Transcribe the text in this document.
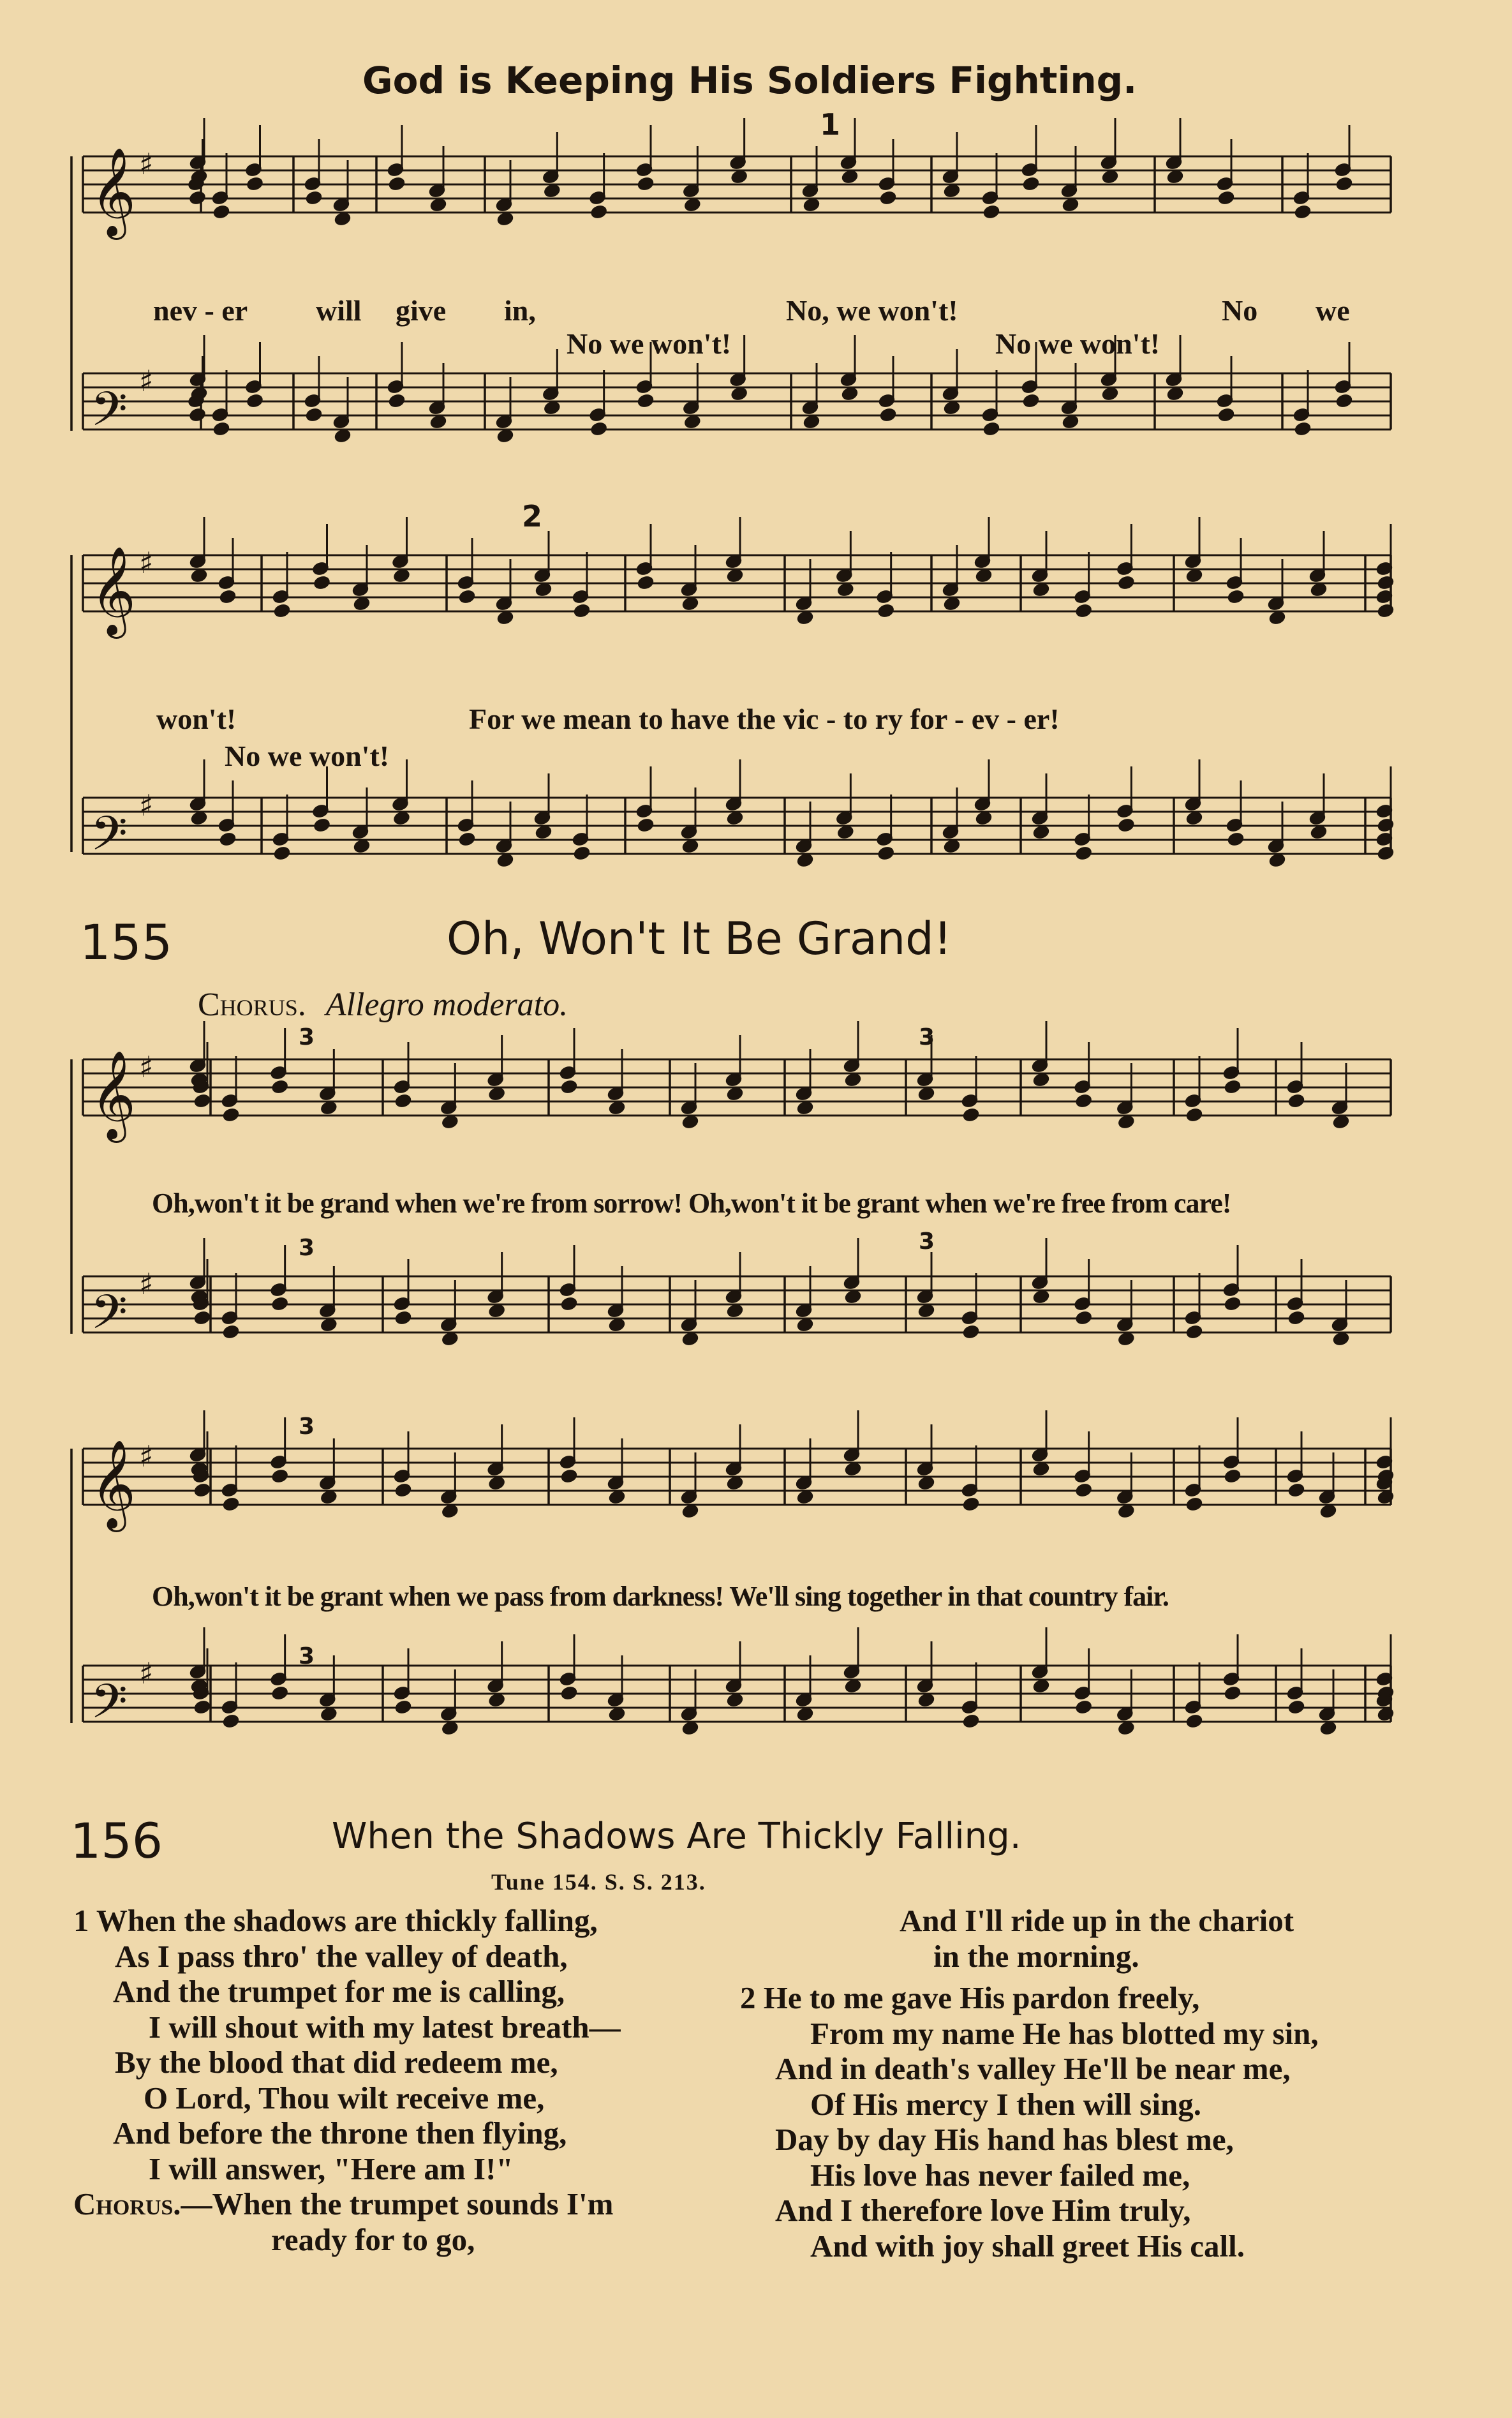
𝄞 ♯
𝄢
♯
𝄞 ♯
𝄢
♯
𝄞 ♯
𝄢
♯
𝄞 ♯
𝄢
♯
God is Keeping His Soldiers Fighting.
1
2
nev - er will give in,	No, we won't!	No we
No we won't!	No we won't!
won't!	For we mean to have the vic - to ry for - ev - er!
No we won't!
155	Oh, Won't It Be Grand!
Chorus. Allegro moderato.
3	3
3	3
3
3
Oh,won't it be grand when we're from sorrow! Oh,won't it be grant when we're free from care!
Oh,won't it be grant when we pass from darkness! We'll sing together in that country fair.
156	When the Shadows Are Thickly Falling.
Tune 154. S. S. 213.
1 When the shadows are thickly falling,
As I pass thro' the valley of death,
And the trumpet for me is calling,
I will shout with my latest breath—
By the blood that did redeem me,
O Lord, Thou wilt receive me,
And before the throne then flying,
I will answer, "Here am I!"
Chorus.—When the trumpet sounds I'm
ready for to go,
And I'll ride up in the chariot
in the morning.
2 He to me gave His pardon freely,
From my name He has blotted my sin,
And in death's valley He'll be near me,
Of His mercy I then will sing.
Day by day His hand has blest me,
His love has never failed me,
And I therefore love Him truly,
And with joy shall greet His call.
